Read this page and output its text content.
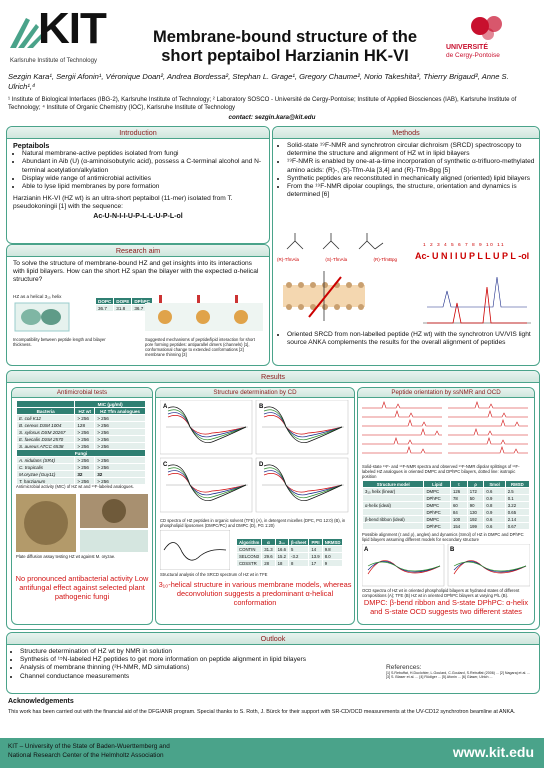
KIT
Karlsruhe Institute of Technology
Membrane-bound structure of the
short peptaibol Harzianin HK-VI	UNIVERSITÉ
de Cergy-Pontoise
Sezgin Kara¹, Sergii Afonin¹, Véronique Doan², Andrea Bordessa², Stephan L. Grage¹, Gregory Chaume², Norio Takeshita³, Thierry Brigaud², Anne S. Ulrich¹,⁴
¹ Institute of Biological Interfaces (IBG-2), Karlsruhe Institute of Technology; ² Laboratory SOSCO - Université de Cergy-Pontoise; Institute of Applied Biosciences (IAB), Karlsruhe Institute of Technology; ⁴ Institute of Organic Chemistry (IOC), Karlsruhe Institute of Technology
contact: sezgin.kara@kit.edu
Introduction
Peptaibols
• Natural membrane-active peptides isolated from fungi
• Abundant in Aib (U) (α-aminoisobutyric acid), possess a C-terminal alcohol and N-terminal acetylation/alkylation
• Display wide range of antimicrobial activities
• Able to lyse lipid membranes by pore formation
Harzianin HK-VI (HZ wt) is an ultra-short peptaibol (11-mer) isolated from T. pseudokoningii [1] with the sequence:
Ac-U-N-I-I-U-P-L-L-U-P-L-ol
Research aim
To solve the structure of membrane-bound HZ and get insights into its interactions with lipid bilayers. How can the short HZ span the bilayer with the expected α-helical structure?
HZ as a helical 3₁₀ helix
DOPC	DOPE	DPhPC
36.7	31.8	36.7
Incompatibility between peptide length and bilayer thickness.
Suggested mechanisms of peptide/lipid interaction for short pore forming peptides: antiparallel dimers (channels) [1], conformational change to extended conformations [2] membrane thinning [3]
Methods
• Solid-state ¹⁹F-NMR and synchrotron circular dichroism (SRCD) spectroscopy to determine the structure and alignment of HZ wt in lipid bilayers
• ¹⁹F-NMR is enabled by one-at-a-time incorporation of synthetic α-trifluoro-methylated amino acids: (R)-, (S)-Tfm-Ala [3,4] and (R)-Tfm-Bpg [5]
• Synthetic peptides are reconstituted in mechanically aligned (oriented) lipid bilayers
• From the ¹⁹F-NMR dipolar couplings, the structure, orientation and dynamics is determined [6]
(R)-TfmAla	(S)-TfmAla	(R)-TfmBpg
1 2 3 4 5 6 7 8 9 10 11
Ac- U N I I U P L L U P L -ol
• Oriented SRCD from non-labelled peptide (HZ wt) with the synchrotron UV/VIS light source ANKA complements the results for the overall alignment of peptides
Results
Antimicrobial tests
	MIC (μg/ml)	
Bacteria	HZ wt	HZ Tfm analogues
E. coli K12	> 256	> 256
B. cereus DSM 1004	128	> 256
S. xylosus DSM 20267	> 256	> 256
E. faecalis DSM 2570	> 256	> 256
S. aureus ATCC 6538	> 256	> 256
Fungi		
A. nidulans (SR4)	> 256	> 256
C. tropicalis	> 256	> 256
M.oryzae (Guy11)	32	32
T. harzianum	> 256	> 256
Antimicrobial activity (MIC) of HZ wt and ¹⁹F-labeled analogues.
Plate diffusion assay testing HZ wt against M. oryzae.
No pronounced antibacterial activity Low antifungal effect against selected plant pathogenic fungi
Structure determination by CD
A	B
C	D
CD spectra of HZ peptides in organic solvent (TFE) (A), in detergent micelles (DPC, PG 12:0) (B), in phospholipid liposomes (DMPC/PC) and DMPC (D), PG 1:20)
Algorithm	α	3₁₀	β-sheet	PPII	NRMSD
CONTIN	31.3	16.6	5	14	9.8
SELCON3	29.6	15.2	-3.2	13.9	8.0
CDSSTR	28	18	8	17	9
Structural analysis of the SRCD spectrum of HZ wt in TFE
3₁₀-helical structure in various membrane models, whereas deconvolution suggests a predominant α-helical conformation
Peptide orientation by ssNMR and OCD
Solid-state ¹⁹F- and ¹⁹F-NMR spectra and observed ¹⁹F-NMR dipolar splittings of ¹⁹F-labeled HZ analogues in oriented DMPC and DPhPC bilayers, dotted line: isotropic position
Structure model	Lipid	τ	ρ	Smol	RMSD
3₁₀ helix (linear)	DMPC	126	172	0.6	2.5
	DPhPC	78	50	0.9	0.1
α-helix (ideal)	DMPC	60	90	0.8	3.22
	DPhPC	84	130	0.9	0.65
β-bend ribbon (ideal)	DMPC	100	192	0.6	2.14
	DPhPC	154	199	0.6	0.67
Possible alignment (τ and ρ), angles) and dynamics (Smol) of HZ in DMPC and DPhPC lipid bilayers assuming different models for secondary structure
A	B
OCD spectra of HZ wt in oriented phospholipid bilayers at hydrated states of different compositions (A); TFE (B) HZ wt in oriented DPhPC bilayers at varying P/L (B).
DMPC: β-bend ribbon and S-state DPhPC: α-helix and S-state OCD suggests two different states
Outlook
• Structure determination of HZ wt by NMR in solution
• Synthesis of ¹⁵N-labeled HZ peptides to get more information on peptide alignment in lipid bilayers
• Analysis of membrane thinning (²H-NMR, MD simulations)
• Channel conductance measurements
References:
[1] S.Rebuffat, H.Duclohier, L.Goulard, C.Goulard, S.Rebuffat (2006) ... [2] Nagaraj et al. ... [3] S. Blaser et al. ... [4] Rüdiger ... [5] Afonin ... [6] Glaser, Ulrich ...
Acknowledgements
This work has been carried out with the financial aid of the DFG/ANR program. Special thanks to S. Roth, J. Bürck for their support with SR-CD/OCD measurements at the UV-CD12 synchrotron beamline at ANKA.
KIT – University of the State of Baden-Wuerttemberg and
National Research Center of the Helmholtz Association	www.kit.edu
